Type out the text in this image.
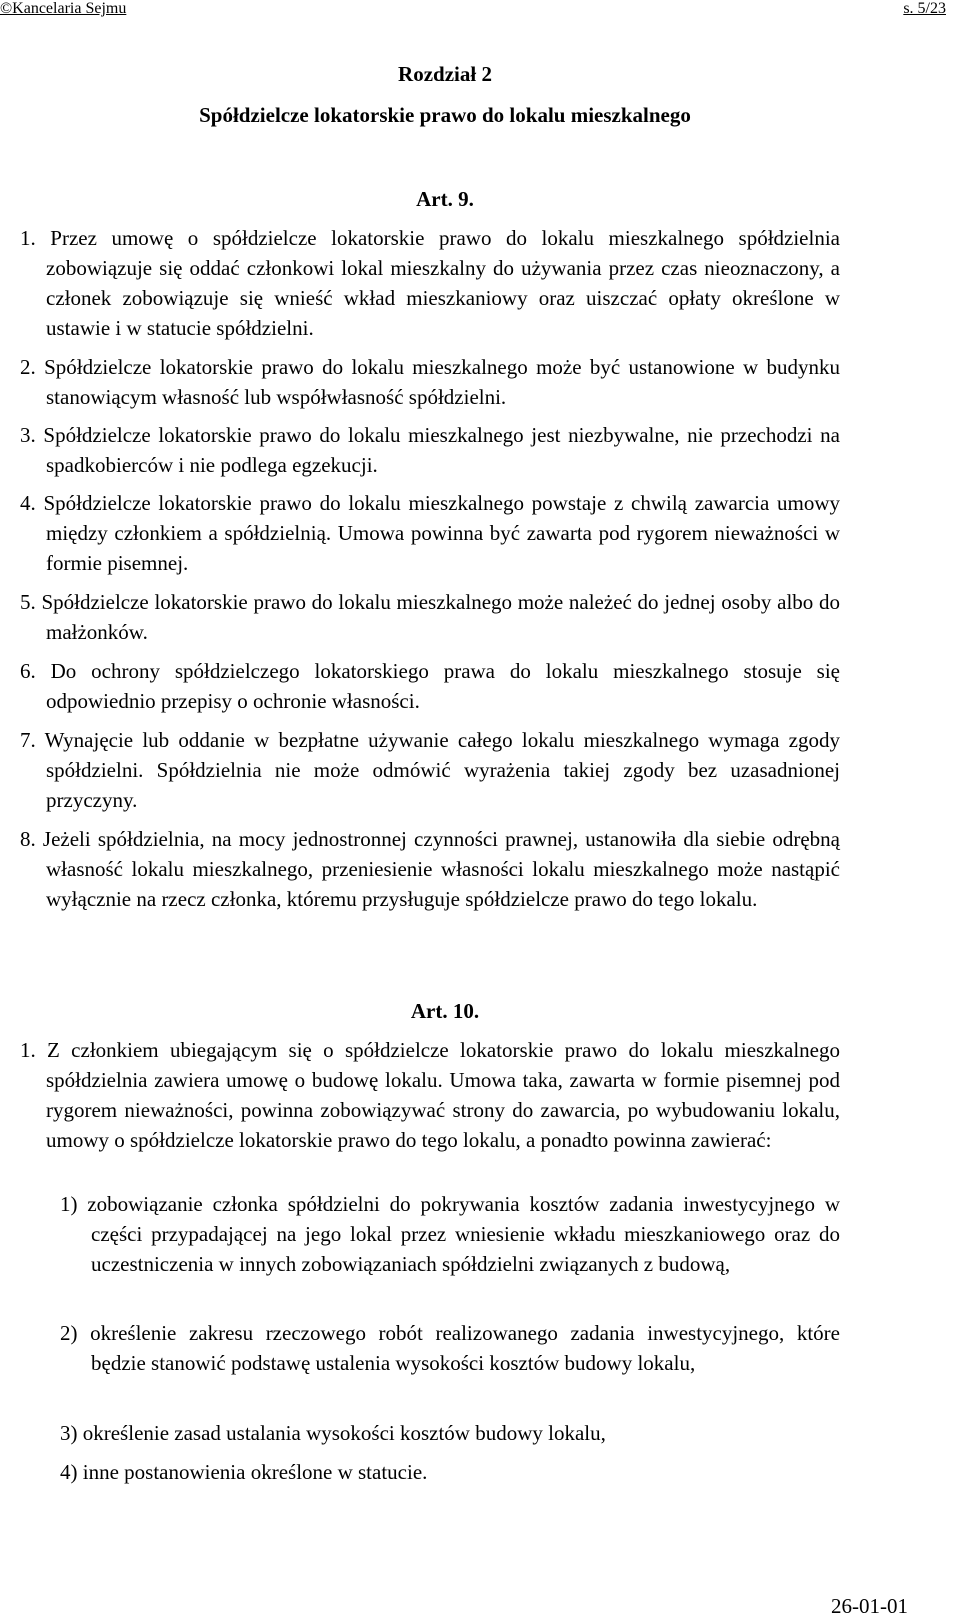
©Kancelaria Sejmu	s. 5/23
Rozdział 2
Spółdzielcze lokatorskie prawo do lokalu mieszkalnego
Art. 9.
1. Przez umowę o spółdzielcze lokatorskie prawo do lokalu mieszkalnego spółdzielnia zobowiązuje się oddać członkowi lokal mieszkalny do używania przez czas nieoznaczony, a członek zobowiązuje się wnieść wkład mieszkaniowy oraz uiszczać opłaty określone w ustawie i w statucie spółdzielni.
2. Spółdzielcze lokatorskie prawo do lokalu mieszkalnego może być ustanowione w budynku stanowiącym własność lub współwłasność spółdzielni.
3. Spółdzielcze lokatorskie prawo do lokalu mieszkalnego jest niezbywalne, nie przechodzi na spadkobierców i nie podlega egzekucji.
4. Spółdzielcze lokatorskie prawo do lokalu mieszkalnego powstaje z chwilą zawarcia umowy między członkiem a spółdzielnią. Umowa powinna być zawarta pod rygorem nieważności w formie pisemnej.
5. Spółdzielcze lokatorskie prawo do lokalu mieszkalnego może należeć do jednej osoby albo do małżonków.
6. Do ochrony spółdzielczego lokatorskiego prawa do lokalu mieszkalnego stosuje się odpowiednio przepisy o ochronie własności.
7. Wynajęcie lub oddanie w bezpłatne używanie całego lokalu mieszkalnego wymaga zgody spółdzielni. Spółdzielnia nie może odmówić wyrażenia takiej zgody bez uzasadnionej przyczyny.
8. Jeżeli spółdzielnia, na mocy jednostronnej czynności prawnej, ustanowiła dla siebie odrębną własność lokalu mieszkalnego, przeniesienie własności lokalu mieszkalnego może nastąpić wyłącznie na rzecz członka, któremu przysługuje spółdzielcze prawo do tego lokalu.
Art. 10.
1. Z członkiem ubiegającym się o spółdzielcze lokatorskie prawo do lokalu mieszkalnego spółdzielnia zawiera umowę o budowę lokalu. Umowa taka, zawarta w formie pisemnej pod rygorem nieważności, powinna zobowiązywać strony do zawarcia, po wybudowaniu lokalu, umowy o spółdzielcze lokatorskie prawo do tego lokalu, a ponadto powinna zawierać:
1) zobowiązanie członka spółdzielni do pokrywania kosztów zadania inwestycyjnego w części przypadającej na jego lokal przez wniesienie wkładu mieszkaniowego oraz do uczestniczenia w innych zobowiązaniach spółdzielni związanych z budową,
2) określenie zakresu rzeczowego robót realizowanego zadania inwestycyjnego, które będzie stanowić podstawę ustalenia wysokości kosztów budowy lokalu,
3) określenie zasad ustalania wysokości kosztów budowy lokalu,
4) inne postanowienia określone w statucie.
26-01-01
